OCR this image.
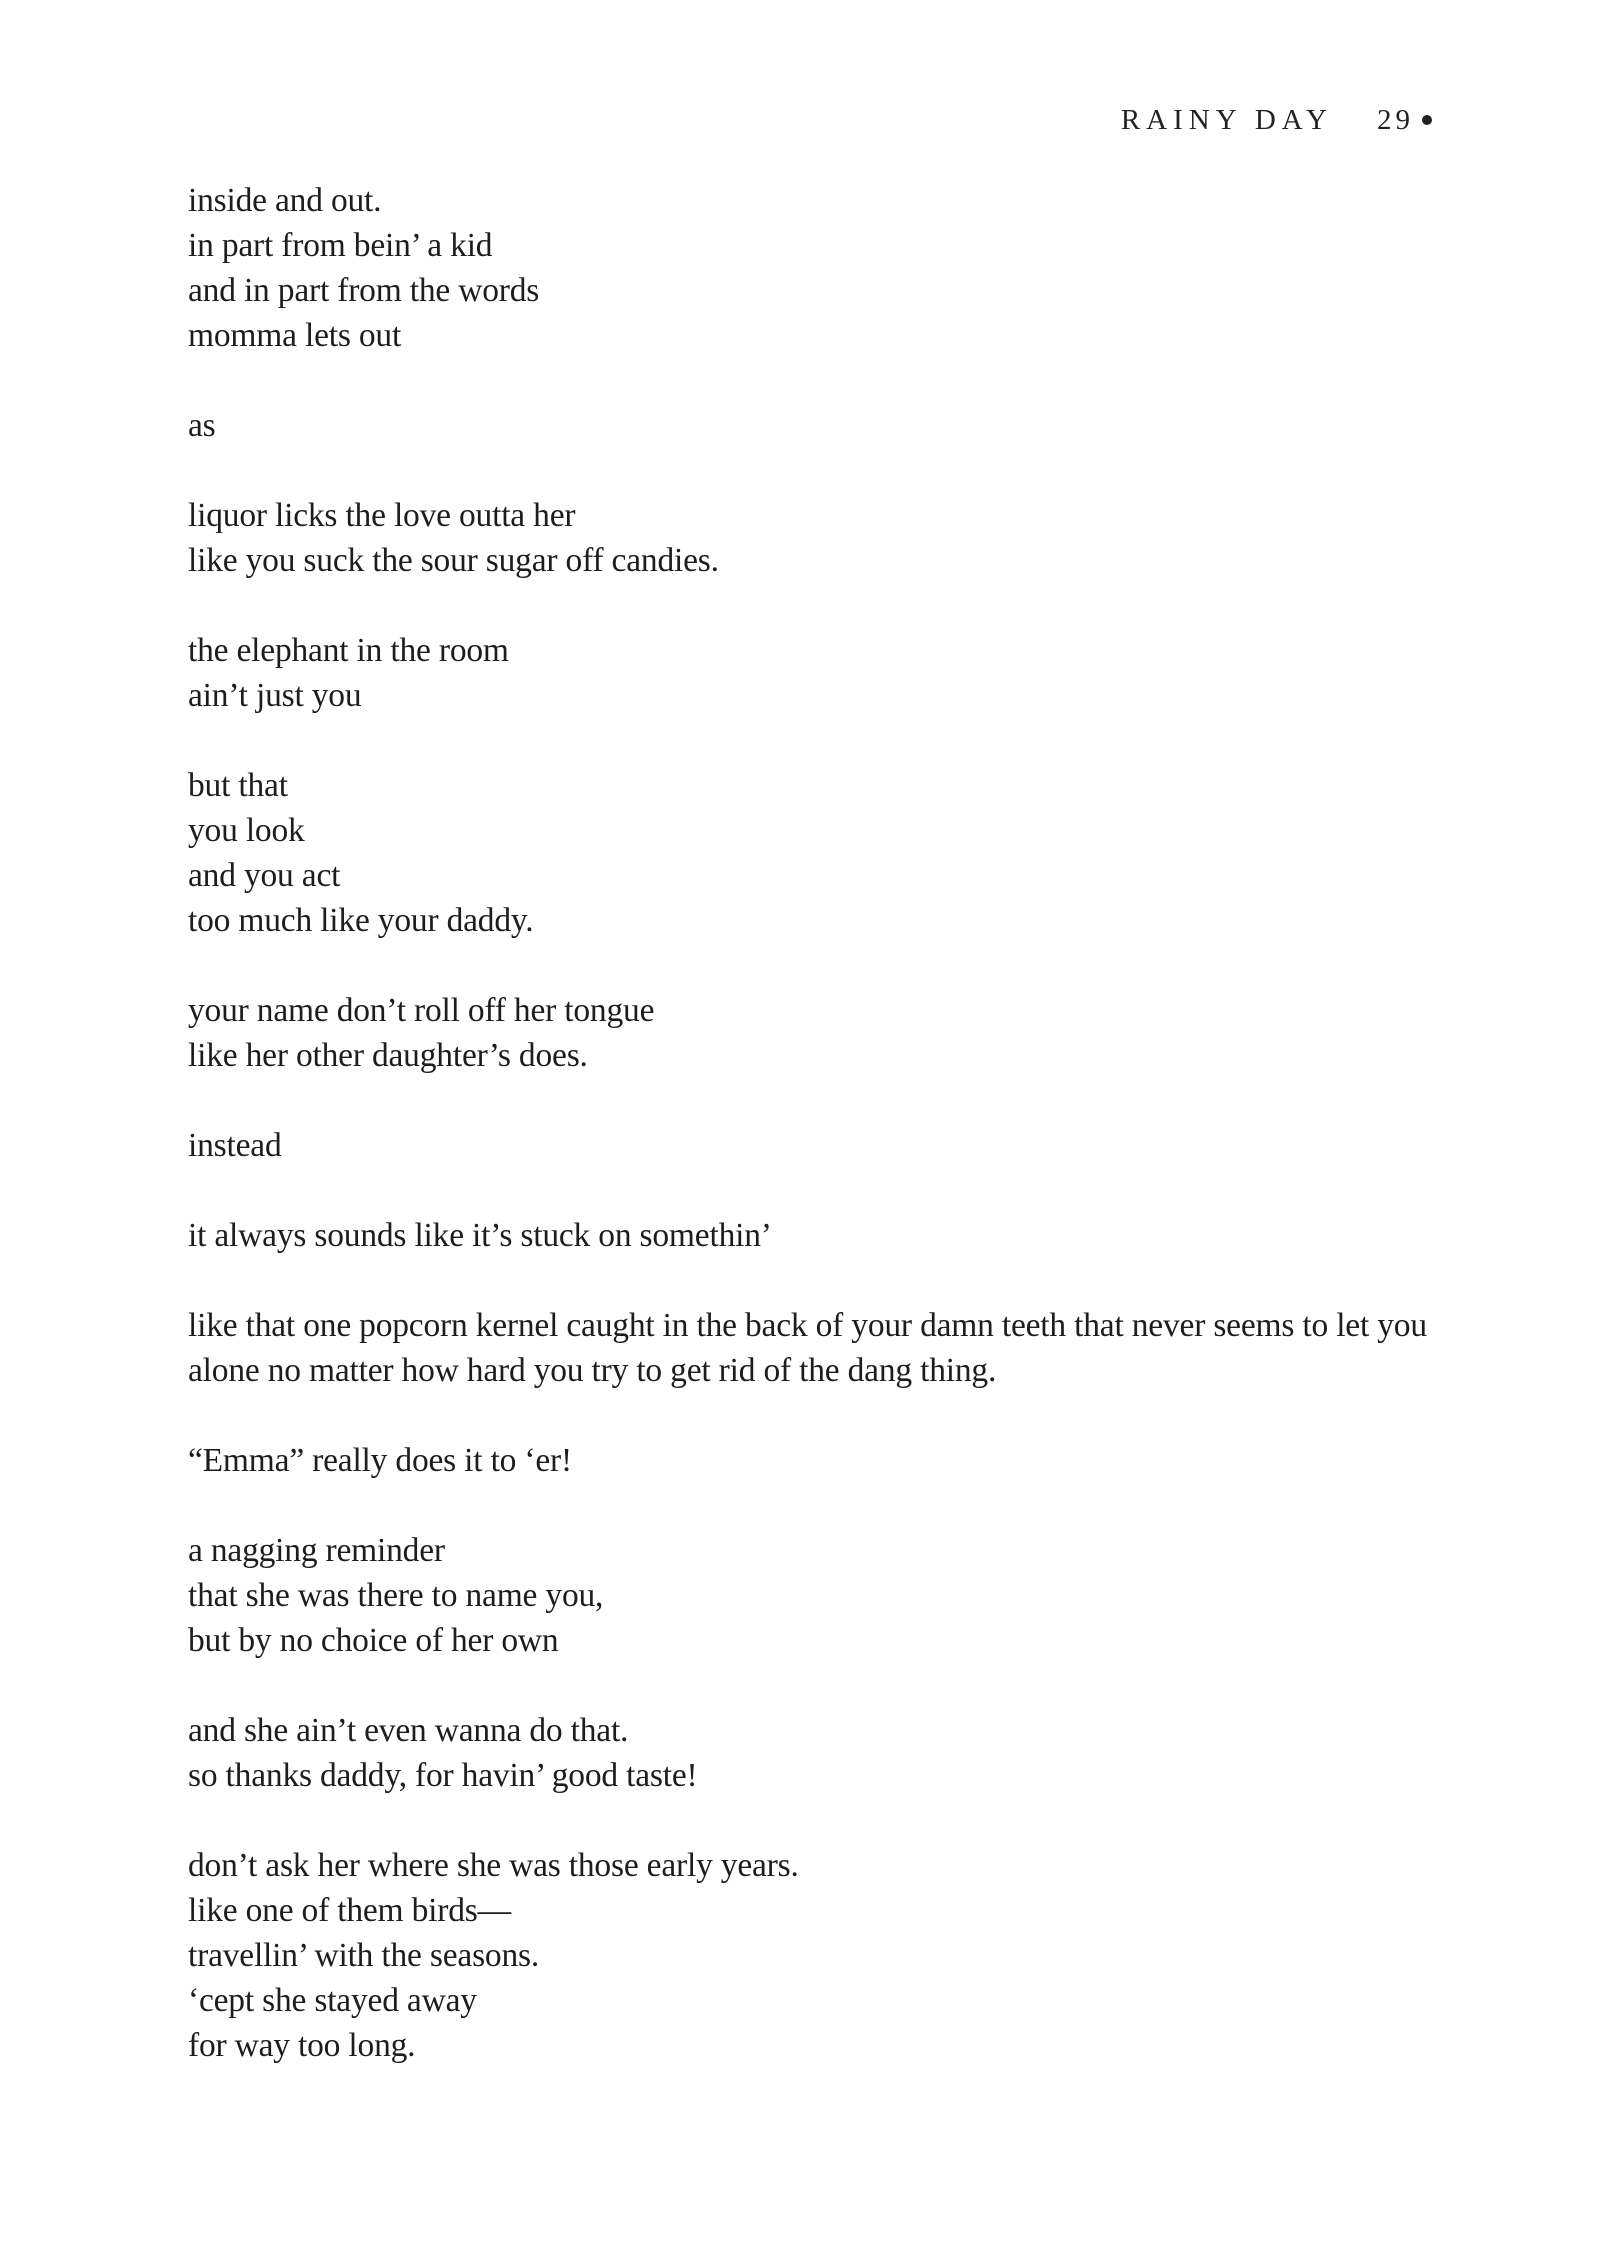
RAINY DAY 29
inside and out.
in part from bein’ a kid
and in part from the words
momma lets out
as
liquor licks the love outta her
like you suck the sour sugar off candies.
the elephant in the room
ain’t just you
but that
you look
and you act
too much like your daddy.
your name don’t roll off her tongue
like her other daughter’s does.
instead
it always sounds like it’s stuck on somethin’
like that one popcorn kernel caught in the back of your damn teeth that never seems to let you alone no matter how hard you try to get rid of the dang thing.
“Emma” really does it to ‘er!
a nagging reminder
that she was there to name you,
but by no choice of her own
and she ain’t even wanna do that.
so thanks daddy, for havin’ good taste!
don’t ask her where she was those early years.
like one of them birds—
travellin’ with the seasons.
‘cept she stayed away
for way too long.
